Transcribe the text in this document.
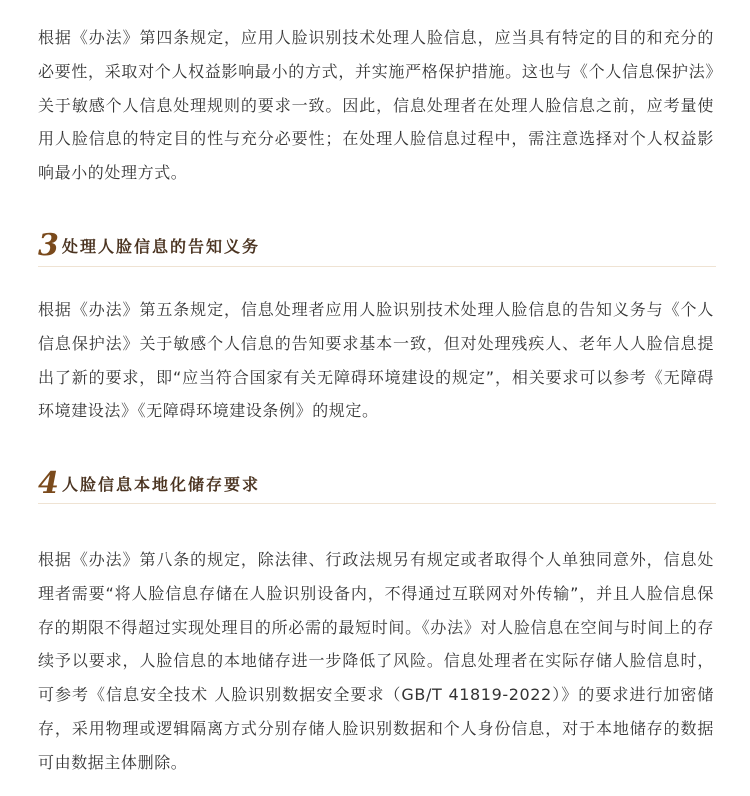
根据《办法》第四条规定，应用人脸识别技术处理人脸信息，应当具有特定的目的和充分的必要性，采取对个人权益影响最小的方式，并实施严格保护措施。这也与《个人信息保护法》关于敏感个人信息处理规则的要求一致。因此，信息处理者在处理人脸信息之前，应考量使用人脸信息的特定目的性与充分必要性；在处理人脸信息过程中，需注意选择对个人权益影响最小的处理方式。

3 处理人脸信息的告知义务

根据《办法》第五条规定，信息处理者应用人脸识别技术处理人脸信息的告知义务与《个人信息保护法》关于敏感个人信息的告知要求基本一致，但对处理残疾人、老年人人脸信息提出了新的要求，即“应当符合国家有关无障碍环境建设的规定”，相关要求可以参考《无障碍环境建设法》《无障碍环境建设条例》的规定。

4 人脸信息本地化储存要求

根据《办法》第八条的规定，除法律、行政法规另有规定或者取得个人单独同意外，信息处理者需要“将人脸信息存储在人脸识别设备内，不得通过互联网对外传输”，并且人脸信息保存的期限不得超过实现处理目的所必需的最短时间。《办法》对人脸信息在空间与时间上的存续予以要求，人脸信息的本地储存进一步降低了风险。信息处理者在实际存储人脸信息时，可参考《信息安全技术 人脸识别数据安全要求（GB/T 41819-2022）》的要求进行加密储存，采用物理或逻辑隔离方式分别存储人脸识别数据和个人身份信息，对于本地储存的数据可由数据主体删除。
